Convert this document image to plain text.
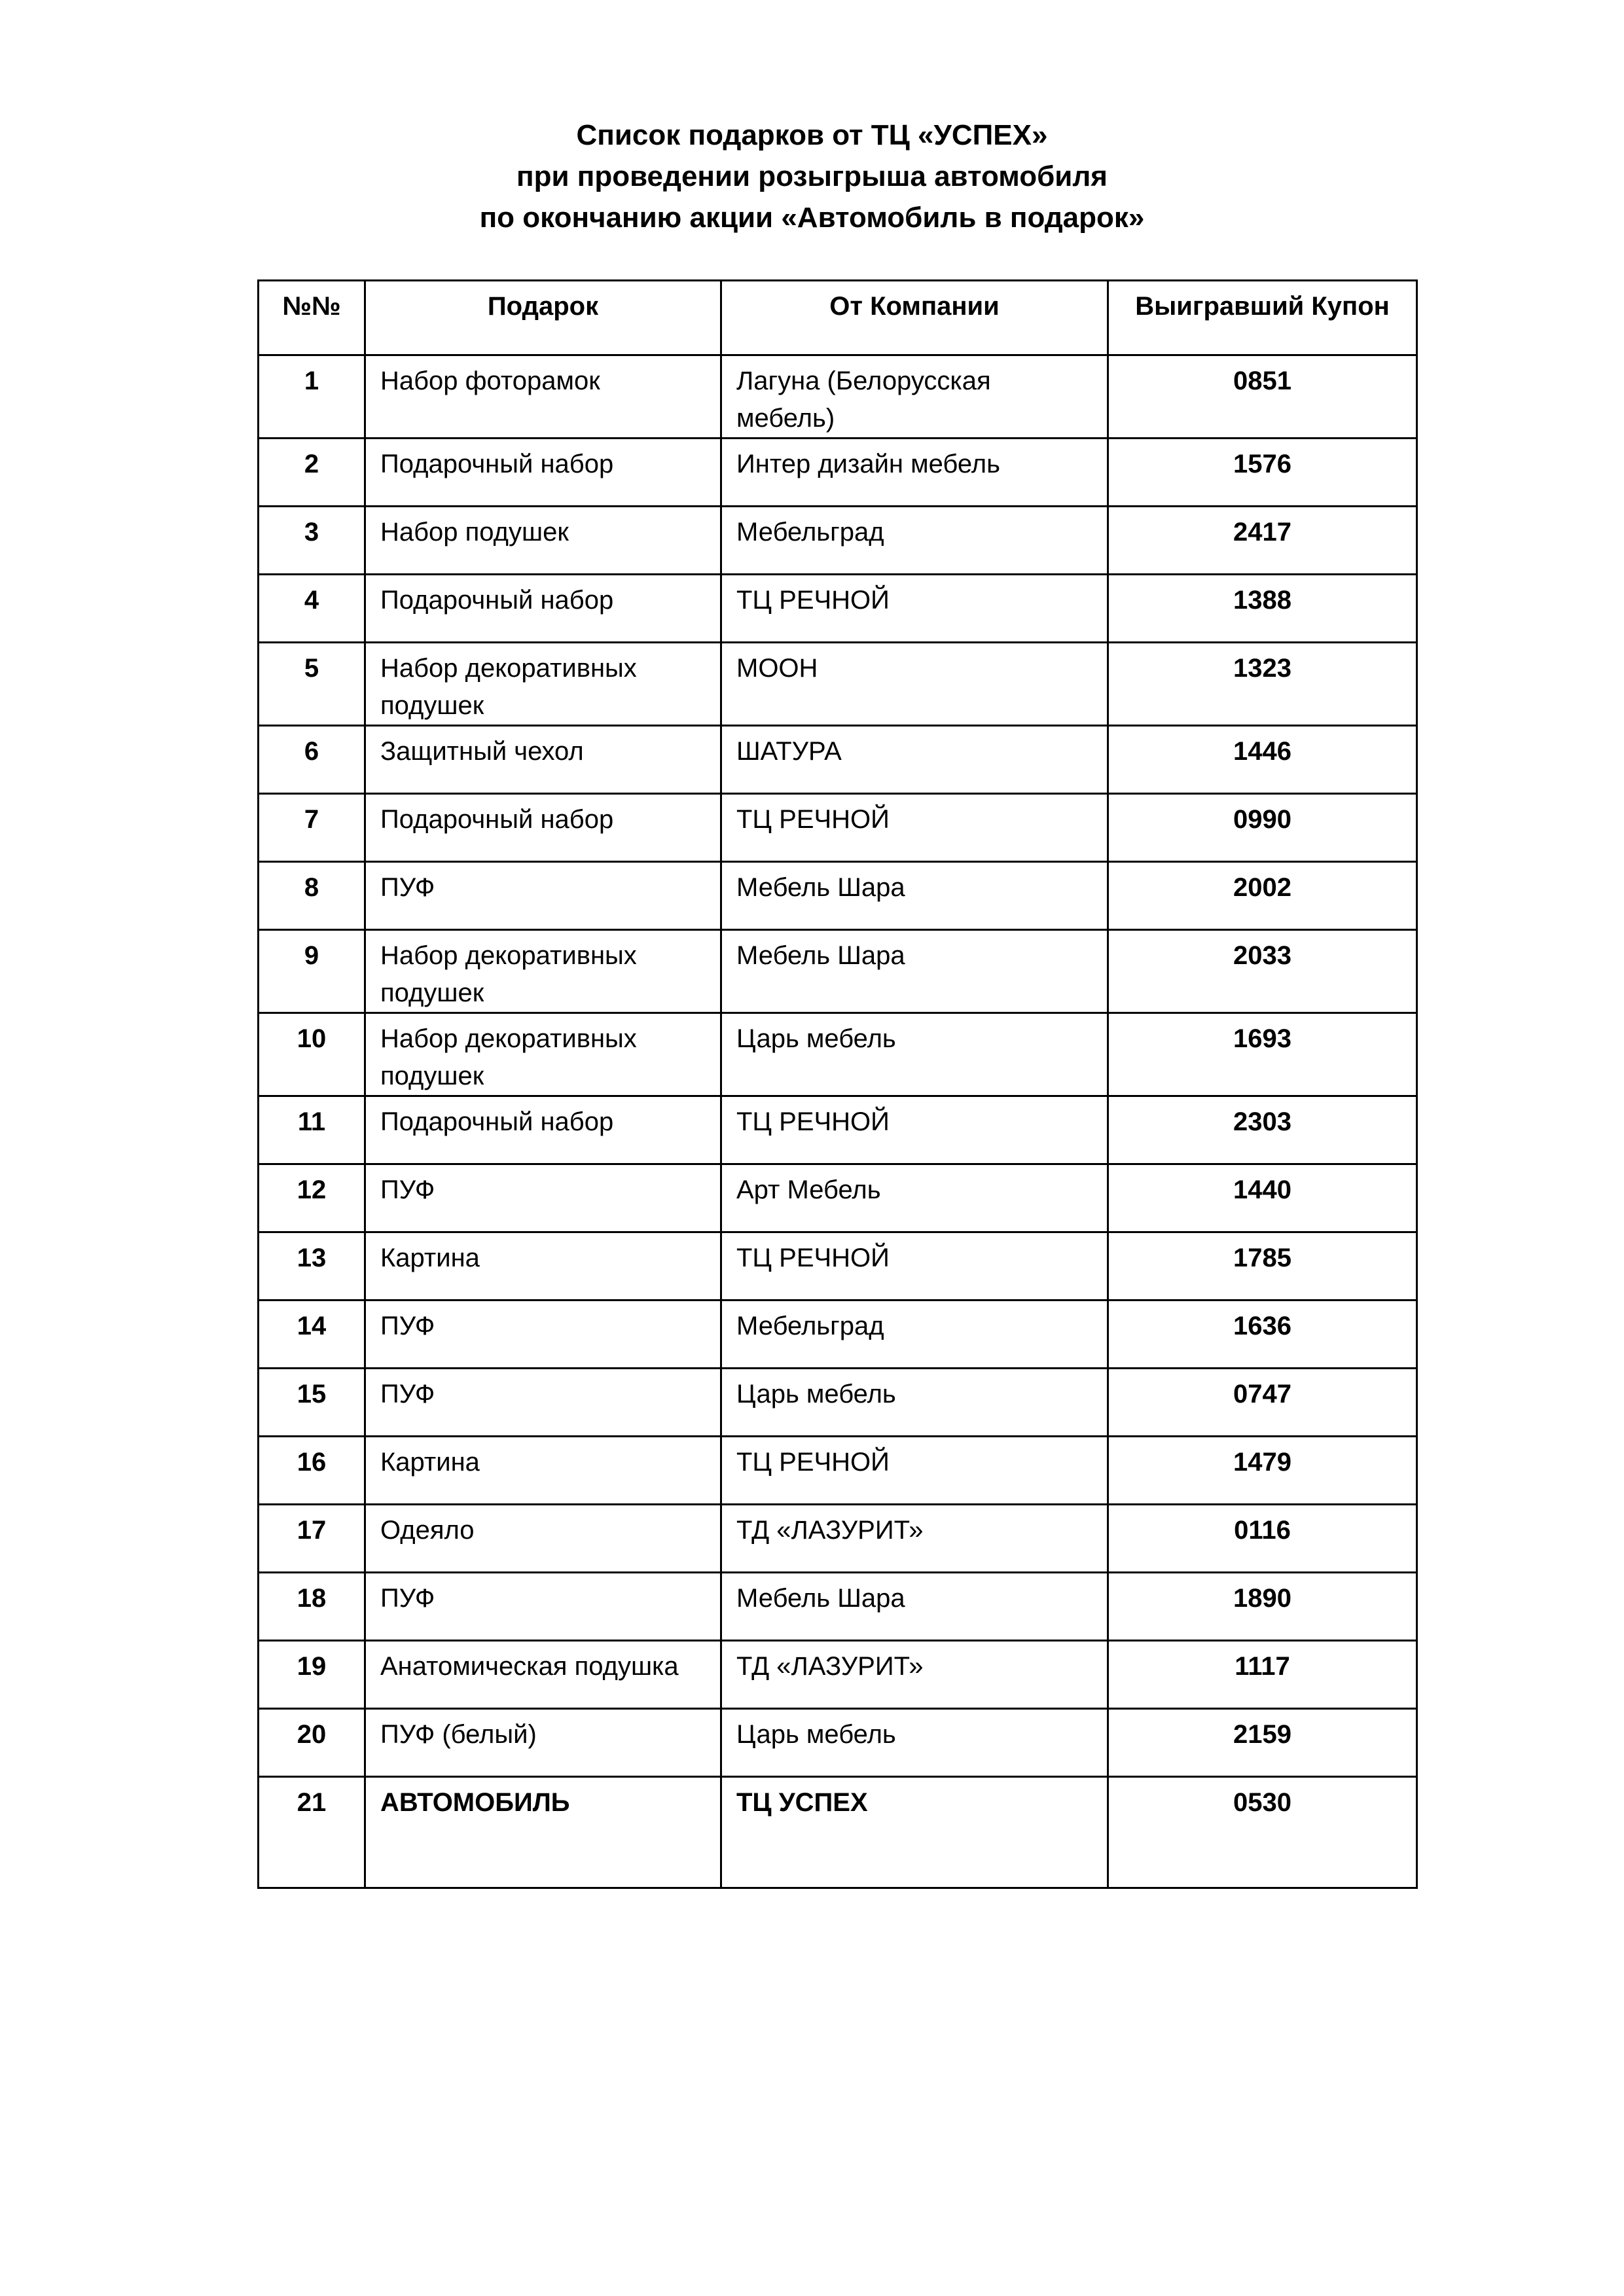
Список подарков от ТЦ «УСПЕХ»
при проведении розыгрыша автомобиля
по окончанию акции «Автомобиль в подарок»
№№	Подарок	От Компании	Выигравший Купон
1	Набор фоторамок	Лагуна (Белорусская мебель)	0851
2	Подарочный набор	Интер дизайн мебель	1576
3	Набор подушек	Мебельград	2417
4	Подарочный набор	ТЦ РЕЧНОЙ	1388
5	Набор декоративных подушек	МООН	1323
6	Защитный чехол	ШАТУРА	1446
7	Подарочный набор	ТЦ РЕЧНОЙ	0990
8	ПУФ	Мебель Шара	2002
9	Набор декоративных подушек	Мебель Шара	2033
10	Набор декоративных подушек	Царь мебель	1693
11	Подарочный набор	ТЦ РЕЧНОЙ	2303
12	ПУФ	Арт Мебель	1440
13	Картина	ТЦ РЕЧНОЙ	1785
14	ПУФ	Мебельград	1636
15	ПУФ	Царь мебель	0747
16	Картина	ТЦ РЕЧНОЙ	1479
17	Одеяло	ТД «ЛАЗУРИТ»	0116
18	ПУФ	Мебель Шара	1890
19	Анатомическая подушка	ТД «ЛАЗУРИТ»	1117
20	ПУФ (белый)	Царь мебель	2159
21	АВТОМОБИЛЬ	ТЦ УСПЕХ	0530
